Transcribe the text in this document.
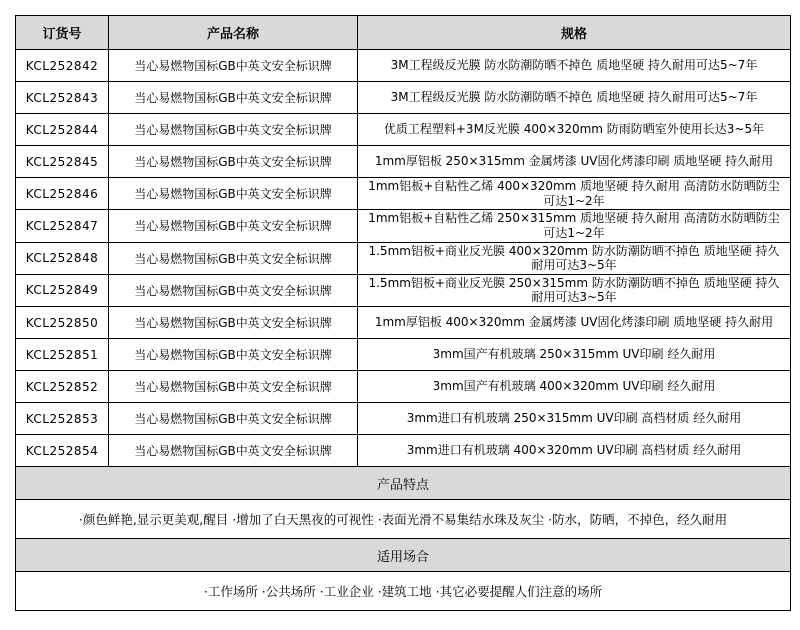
订货号	产品名称	规格
KCL252842	当心易燃物国标GB中英文安全标识牌	3M工程级反光膜 防水防潮防晒不掉色 质地坚硬 持久耐用可达5~7年
KCL252843	当心易燃物国标GB中英文安全标识牌	3M工程级反光膜 防水防潮防晒不掉色 质地坚硬 持久耐用可达5~7年
KCL252844	当心易燃物国标GB中英文安全标识牌	优质工程塑料+3M反光膜 400×320mm 防雨防晒室外使用长达3~5年
KCL252845	当心易燃物国标GB中英文安全标识牌	1mm厚铝板 250×315mm 金属烤漆 UV固化烤漆印刷 质地坚硬 持久耐用
KCL252846	当心易燃物国标GB中英文安全标识牌	1mm铝板+自粘性乙烯 400×320mm 质地坚硬 持久耐用 高清防水防晒防尘可达1~2年
KCL252847	当心易燃物国标GB中英文安全标识牌	1mm铝板+自粘性乙烯 250×315mm 质地坚硬 持久耐用 高清防水防晒防尘可达1~2年
KCL252848	当心易燃物国标GB中英文安全标识牌	1.5mm铝板+商业反光膜 400×320mm 防水防潮防晒不掉色 质地坚硬 持久耐用可达3~5年
KCL252849	当心易燃物国标GB中英文安全标识牌	1.5mm铝板+商业反光膜 250×315mm 防水防潮防晒不掉色 质地坚硬 持久耐用可达3~5年
KCL252850	当心易燃物国标GB中英文安全标识牌	1mm厚铝板 400×320mm 金属烤漆 UV固化烤漆印刷 质地坚硬 持久耐用
KCL252851	当心易燃物国标GB中英文安全标识牌	3mm国产有机玻璃 250×315mm UV印刷 经久耐用
KCL252852	当心易燃物国标GB中英文安全标识牌	3mm国产有机玻璃 400×320mm UV印刷 经久耐用
KCL252853	当心易燃物国标GB中英文安全标识牌	3mm进口有机玻璃 250×315mm UV印刷 高档材质 经久耐用
KCL252854	当心易燃物国标GB中英文安全标识牌	3mm进口有机玻璃 400×320mm UV印刷 高档材质 经久耐用
产品特点		
·颜色鲜艳,显示更美观,醒目 ·增加了白天黑夜的可视性 ·表面光滑不易集结水珠及灰尘 ·防水，防晒，不掉色，经久耐用		
适用场合		
·工作场所 ·公共场所 ·工业企业 ·建筑工地 ·其它必要提醒人们注意的场所		
